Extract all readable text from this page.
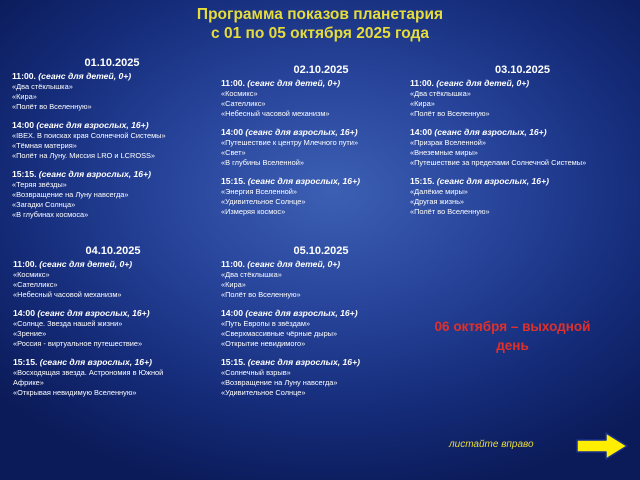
Программа показов планетария
с 01 по 05 октября 2025 года
01.10.2025
11:00. (сеанс для детей, 0+)
«Два стёклышка»
«Кира»
«Полёт во Вселенную»
14:00 (сеанс для взрослых, 16+)
«IBEX. В поисках края Солнечной Системы»
«Тёмная материя»
«Полёт на Луну. Миссия LRO и LCROSS»
15:15. (сеанс для взрослых, 16+)
«Теряя звёзды»
«Возвращение на Луну навсегда»
«Загадки Солнца»
«В глубинах космоса»
02.10.2025
11:00. (сеанс для детей, 0+)
«Космикс»
«Сателликс»
«Небесный часовой механизм»
14:00 (сеанс для взрослых, 16+)
«Путешествие к центру Млечного пути»
«Свет»
«В глубины Вселенной»
15:15. (сеанс для взрослых, 16+)
«Энергия Вселенной»
«Удивительное Солнце»
«Измеряя космос»
03.10.2025
11:00. (сеанс для детей, 0+)
«Два стёклышка»
«Кира»
«Полёт во Вселенную»
14:00 (сеанс для взрослых, 16+)
«Призрак Вселенной»
«Внеземные миры»
«Путешествие за пределами Солнечной Системы»
15:15. (сеанс для взрослых, 16+)
«Далёкие миры»
«Другая жизнь»
«Полёт во Вселенную»
04.10.2025
11:00. (сеанс для детей, 0+)
«Космикс»
«Сателликс»
«Небесный часовой механизм»
14:00 (сеанс для взрослых, 16+)
«Солнце. Звезда нашей жизни»
«Зрение»
«Россия - виртуальное путешествие»
15:15. (сеанс для взрослых, 16+)
«Восходящая звезда. Астрономия в Южной
Африке»
«Открывая невидимую Вселенную»
05.10.2025
11:00. (сеанс для детей, 0+)
«Два стёклышка»
«Кира»
«Полёт во Вселенную»
14:00 (сеанс для взрослых, 16+)
«Путь Европы в звёздам»
«Сверхмассивные чёрные дыры»
«Открытие невидимого»
15:15. (сеанс для взрослых, 16+)
«Солнечный взрыв»
«Возвращение на Луну навсегда»
«Удивительное Солнце»
06 октября – выходной
день
листайте вправо
